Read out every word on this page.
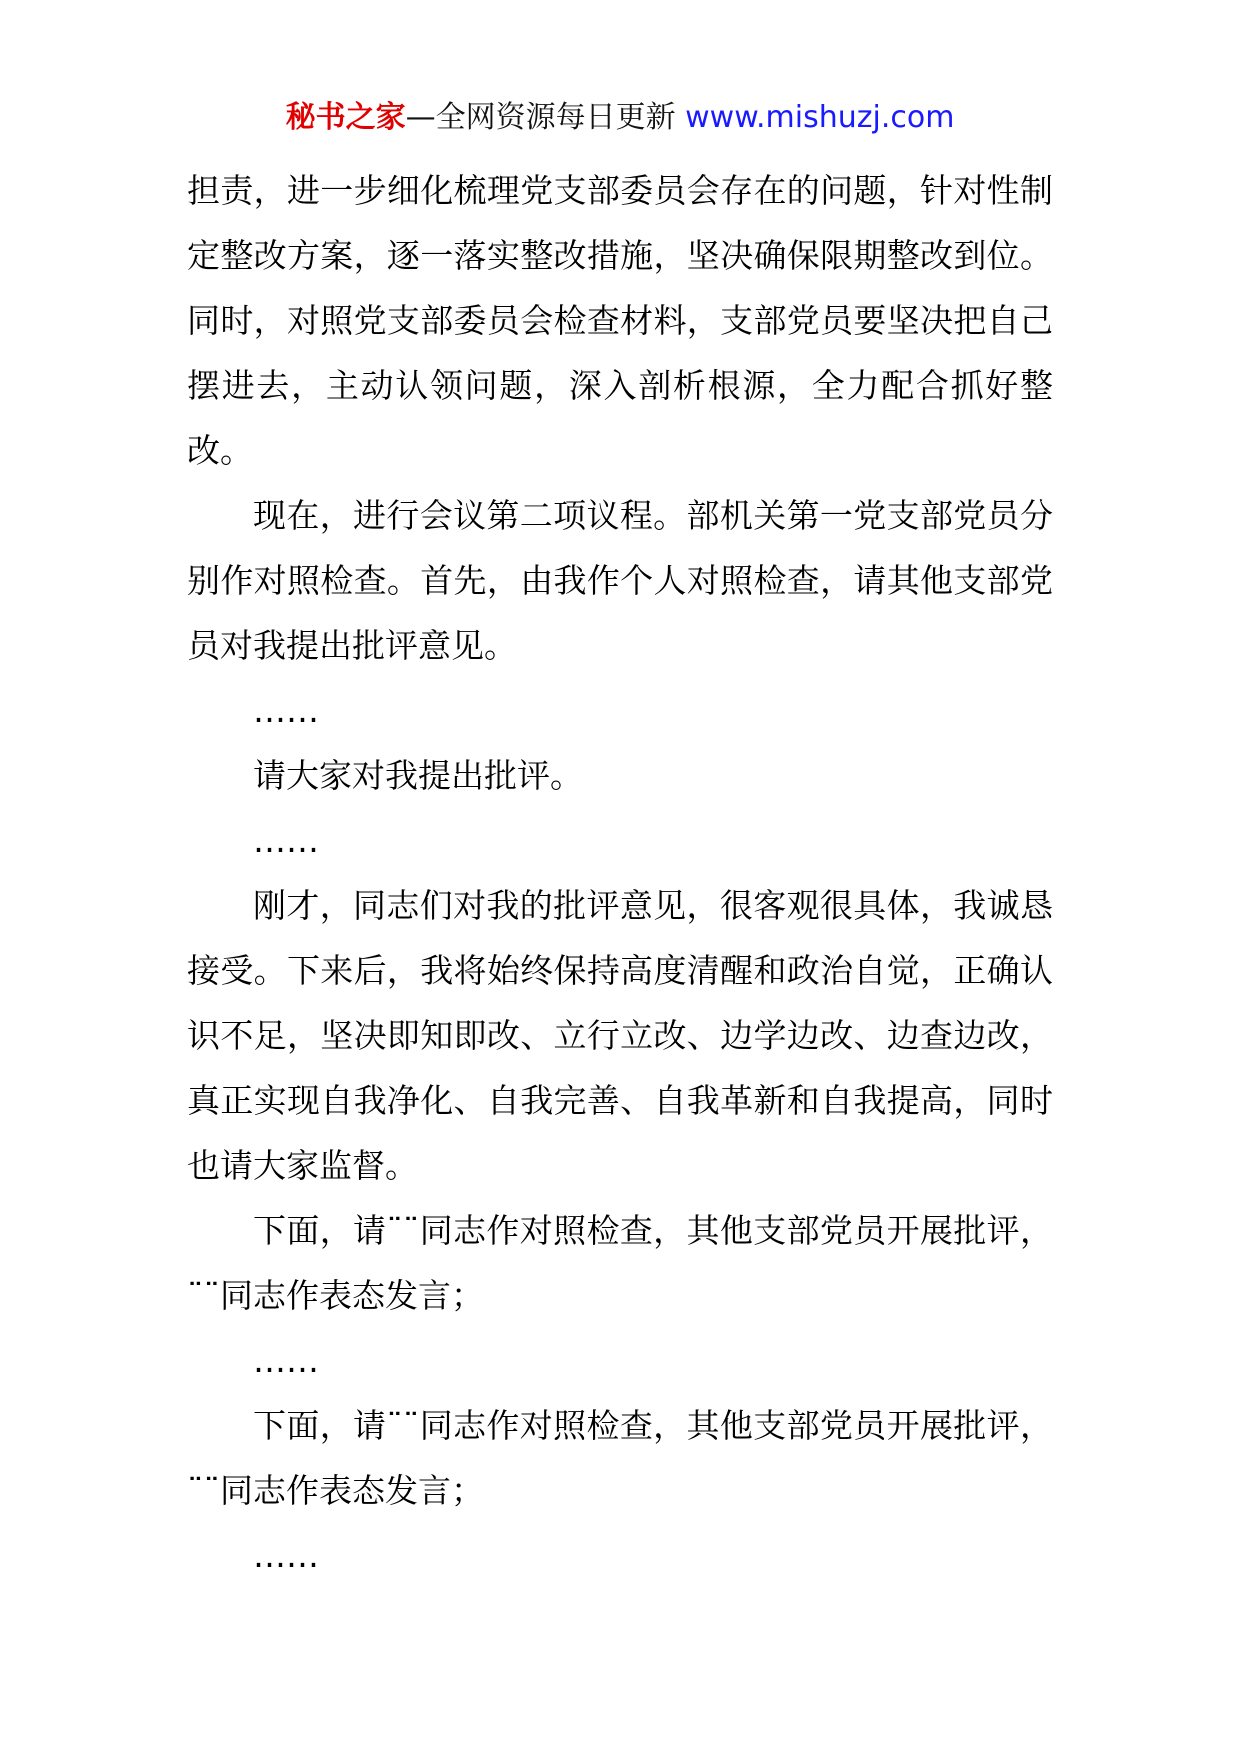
秘书之家—全网资源每日更新 www.mishuzj.com

担责，进一步细化梳理党支部委员会存在的问题，针对性制定整改方案，逐一落实整改措施，坚决确保限期整改到位。同时，对照党支部委员会检查材料，支部党员要坚决把自己摆进去，主动认领问题，深入剖析根源，全力配合抓好整改。

现在，进行会议第二项议程。部机关第一党支部党员分别作对照检查。首先，由我作个人对照检查，请其他支部党员对我提出批评意见。

……

请大家对我提出批评。

……

刚才，同志们对我的批评意见，很客观很具体，我诚恳接受。下来后，我将始终保持高度清醒和政治自觉，正确认识不足，坚决即知即改、立行立改、边学边改、边查边改，真正实现自我净化、自我完善、自我革新和自我提高，同时也请大家监督。

下面，请¨¨同志作对照检查，其他支部党员开展批评，¨¨同志作表态发言；

……

下面，请¨¨同志作对照检查，其他支部党员开展批评，¨¨同志作表态发言；

……
